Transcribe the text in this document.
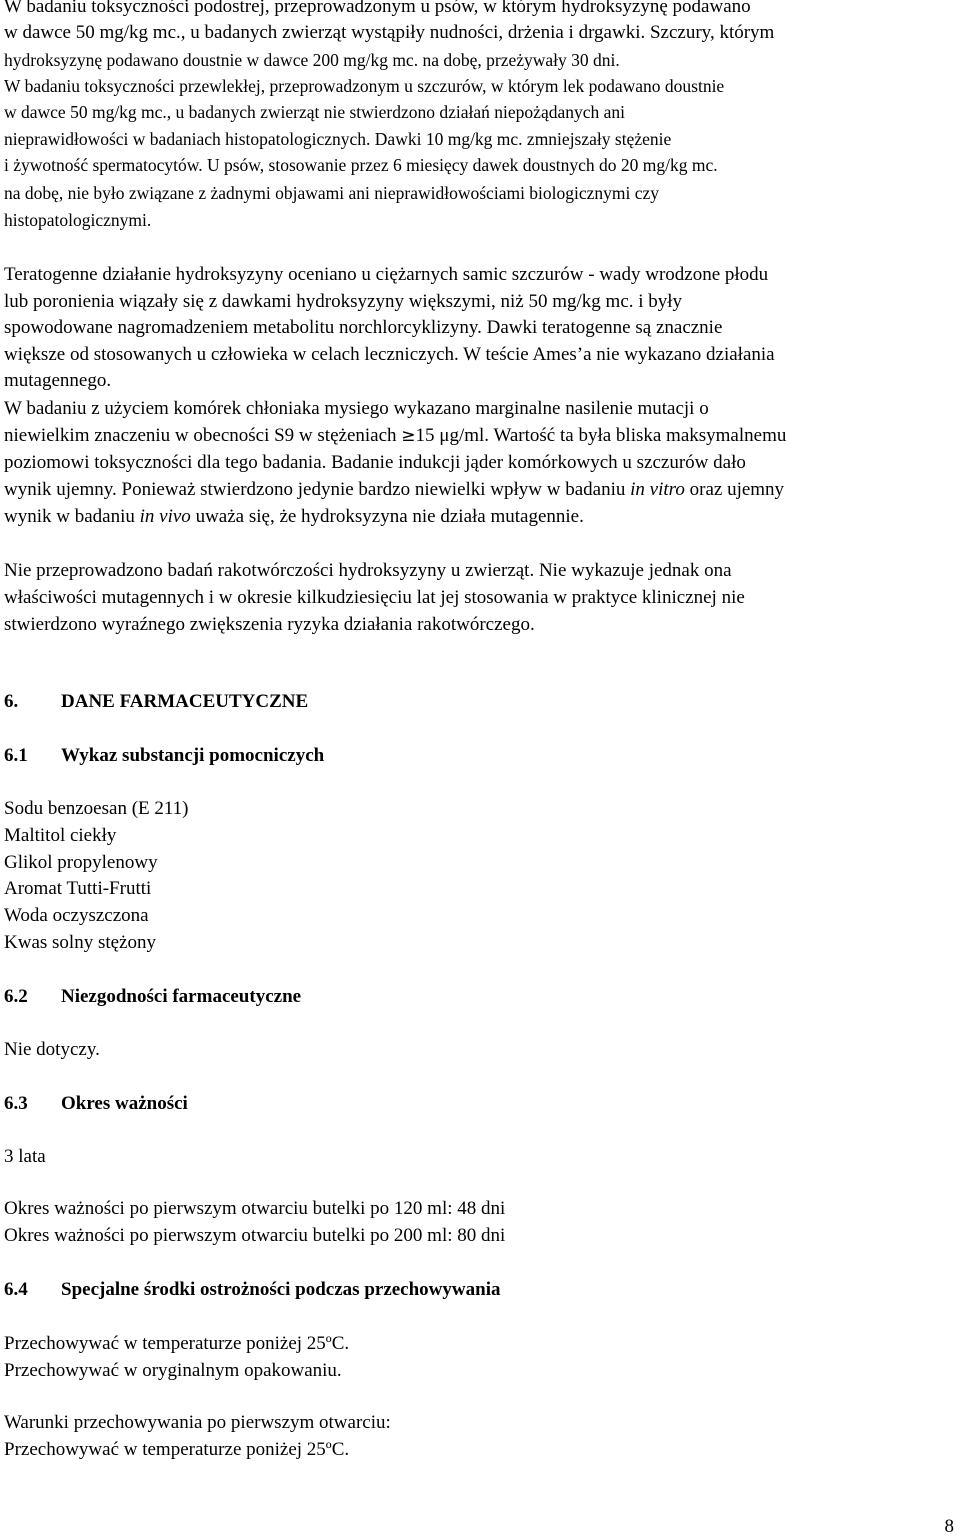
W badaniu toksyczności podostrej, przeprowadzonym u psów, w którym hydroksyzynę podawano
w dawce 50 mg/kg mc., u badanych zwierząt wystąpiły nudności, drżenia i drgawki. Szczury, którym
hydroksyzynę podawano doustnie w dawce 200 mg/kg mc. na dobę, przeżywały 30 dni.
W badaniu toksyczności przewlekłej, przeprowadzonym u szczurów, w którym lek podawano doustnie
w dawce 50 mg/kg mc., u badanych zwierząt nie stwierdzono działań niepożądanych ani
nieprawidłowości w badaniach histopatologicznych. Dawki 10 mg/kg mc. zmniejszały stężenie
i żywotność spermatocytów. U psów, stosowanie przez 6 miesięcy dawek doustnych do 20 mg/kg mc.
na dobę, nie było związane z żadnymi objawami ani nieprawidłowościami biologicznymi czy
histopatologicznymi.
Teratogenne działanie hydroksyzyny oceniano u ciężarnych samic szczurów - wady wrodzone płodu
lub poronienia wiązały się z dawkami hydroksyzyny większymi, niż 50 mg/kg mc. i były
spowodowane nagromadzeniem metabolitu norchlorcyklizyny. Dawki teratogenne są znacznie
większe od stosowanych u człowieka w celach leczniczych. W teście Ames’a nie wykazano działania
mutagennego.
W badaniu z użyciem komórek chłoniaka mysiego wykazano marginalne nasilenie mutacji o
niewielkim znaczeniu w obecności S9 w stężeniach ≥15 μg/ml. Wartość ta była bliska maksymalnemu
poziomowi toksyczności dla tego badania. Badanie indukcji jąder komórkowych u szczurów dało
wynik ujemny. Ponieważ stwierdzono jedynie bardzo niewielki wpływ w badaniu in vitro oraz ujemny
wynik w badaniu in vivo uważa się, że hydroksyzyna nie działa mutagennie.
Nie przeprowadzono badań rakotwórczości hydroksyzyny u zwierząt. Nie wykazuje jednak ona
właściwości mutagennych i w okresie kilkudziesięciu lat jej stosowania w praktyce klinicznej nie
stwierdzono wyraźnego zwiększenia ryzyka działania rakotwórczego.
6. DANE FARMACEUTYCZNE
6.1 Wykaz substancji pomocniczych
Sodu benzoesan (E 211)
Maltitol ciekły
Glikol propylenowy
Aromat Tutti-Frutti
Woda oczyszczona
Kwas solny stężony
6.2 Niezgodności farmaceutyczne
Nie dotyczy.
6.3 Okres ważności
3 lata
Okres ważności po pierwszym otwarciu butelki po 120 ml: 48 dni
Okres ważności po pierwszym otwarciu butelki po 200 ml: 80 dni
6.4 Specjalne środki ostrożności podczas przechowywania
Przechowywać w temperaturze poniżej 25ºC.
Przechowywać w oryginalnym opakowaniu.
Warunki przechowywania po pierwszym otwarciu:
Przechowywać w temperaturze poniżej 25ºC.
8
